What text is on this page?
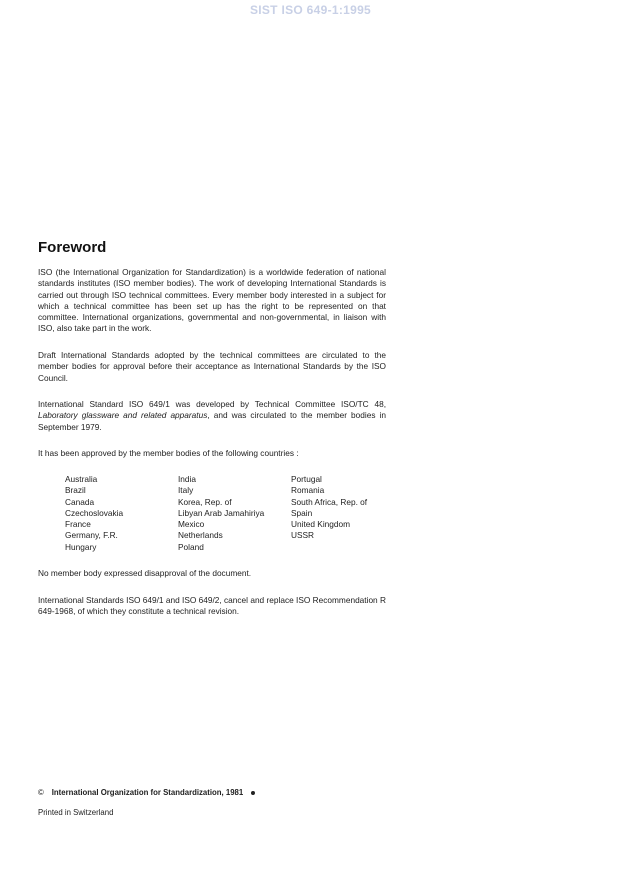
SIST ISO 649-1:1995
Foreword
ISO (the International Organization for Standardization) is a worldwide federation of national standards institutes (ISO member bodies). The work of developing International Standards is carried out through ISO technical committees. Every member body interested in a subject for which a technical committee has been set up has the right to be represented on that committee. International organizations, governmental and non-governmental, in liaison with ISO, also take part in the work.
Draft International Standards adopted by the technical committees are circulated to the member bodies for approval before their acceptance as International Standards by the ISO Council.
International Standard ISO 649/1 was developed by Technical Committee ISO/TC 48, Laboratory glassware and related apparatus, and was circulated to the member bodies in September 1979.
It has been approved by the member bodies of the following countries :
Australia
Brazil
Canada
Czechoslovakia
France
Germany, F.R.
Hungary
India
Italy
Korea, Rep. of
Libyan Arab Jamahiriya
Mexico
Netherlands
Poland
Portugal
Romania
South Africa, Rep. of
Spain
United Kingdom
USSR
No member body expressed disapproval of the document.
International Standards ISO 649/1 and ISO 649/2, cancel and replace ISO Recommendation R 649-1968, of which they constitute a technical revision.
© International Organization for Standardization, 1981
Printed in Switzerland
